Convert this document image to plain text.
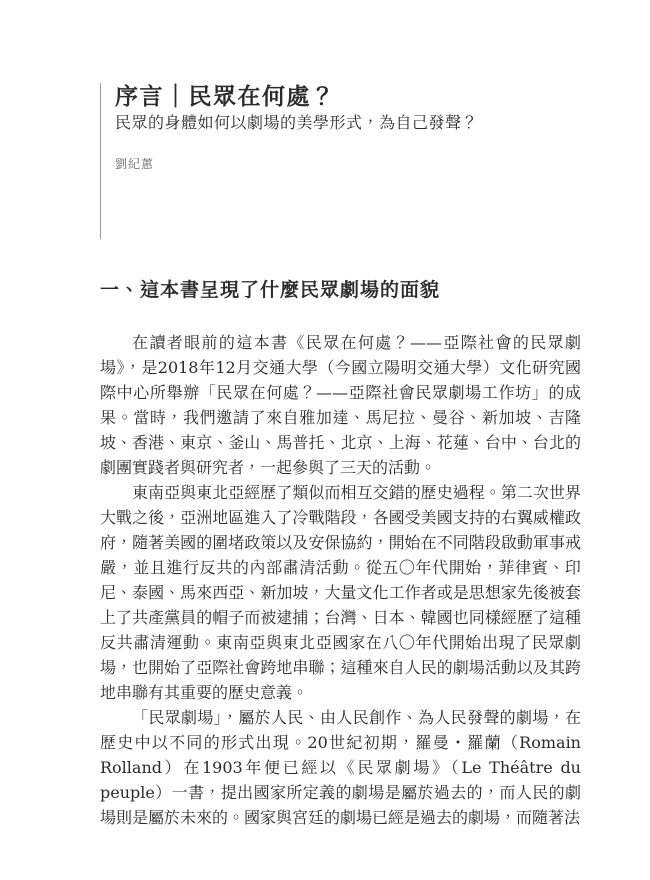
序言｜民眾在何處？

民眾的身體如何以劇場的美學形式，為自己發聲？

劉紀蕙

一、這本書呈現了什麼民眾劇場的面貌

在讀者眼前的這本書《民眾在何處？——亞際社會的民眾劇場》，是2018年12月交通大學（今國立陽明交通大學）文化研究國際中心所舉辦「民眾在何處？——亞際社會民眾劇場工作坊」的成果。當時，我們邀請了來自雅加達、馬尼拉、曼谷、新加坡、吉隆坡、香港、東京、釜山、馬普托、北京、上海、花蓮、台中、台北的劇團實踐者與研究者，一起參與了三天的活動。

東南亞與東北亞經歷了類似而相互交錯的歷史過程。第二次世界大戰之後，亞洲地區進入了冷戰階段，各國受美國支持的右翼威權政府，隨著美國的圍堵政策以及安保協約，開始在不同階段啟動軍事戒嚴，並且進行反共的內部肅清活動。從五〇年代開始，菲律賓、印尼、泰國、馬來西亞、新加坡，大量文化工作者或是思想家先後被套上了共產黨員的帽子而被逮捕；台灣、日本、韓國也同樣經歷了這種反共肅清運動。東南亞與東北亞國家在八〇年代開始出現了民眾劇場，也開始了亞際社會跨地串聯；這種來自人民的劇場活動以及其跨地串聯有其重要的歷史意義。

「民眾劇場」，屬於人民、由人民創作、為人民發聲的劇場，在歷史中以不同的形式出現。20世紀初期，羅曼・羅蘭（Romain Rolland）在1903年便已經以《民眾劇場》（Le Théâtre du peuple）一書，提出國家所定義的劇場是屬於過去的，而人民的劇場則是屬於未來的。國家與宮廷的劇場已經是過去的劇場，而隨著法
